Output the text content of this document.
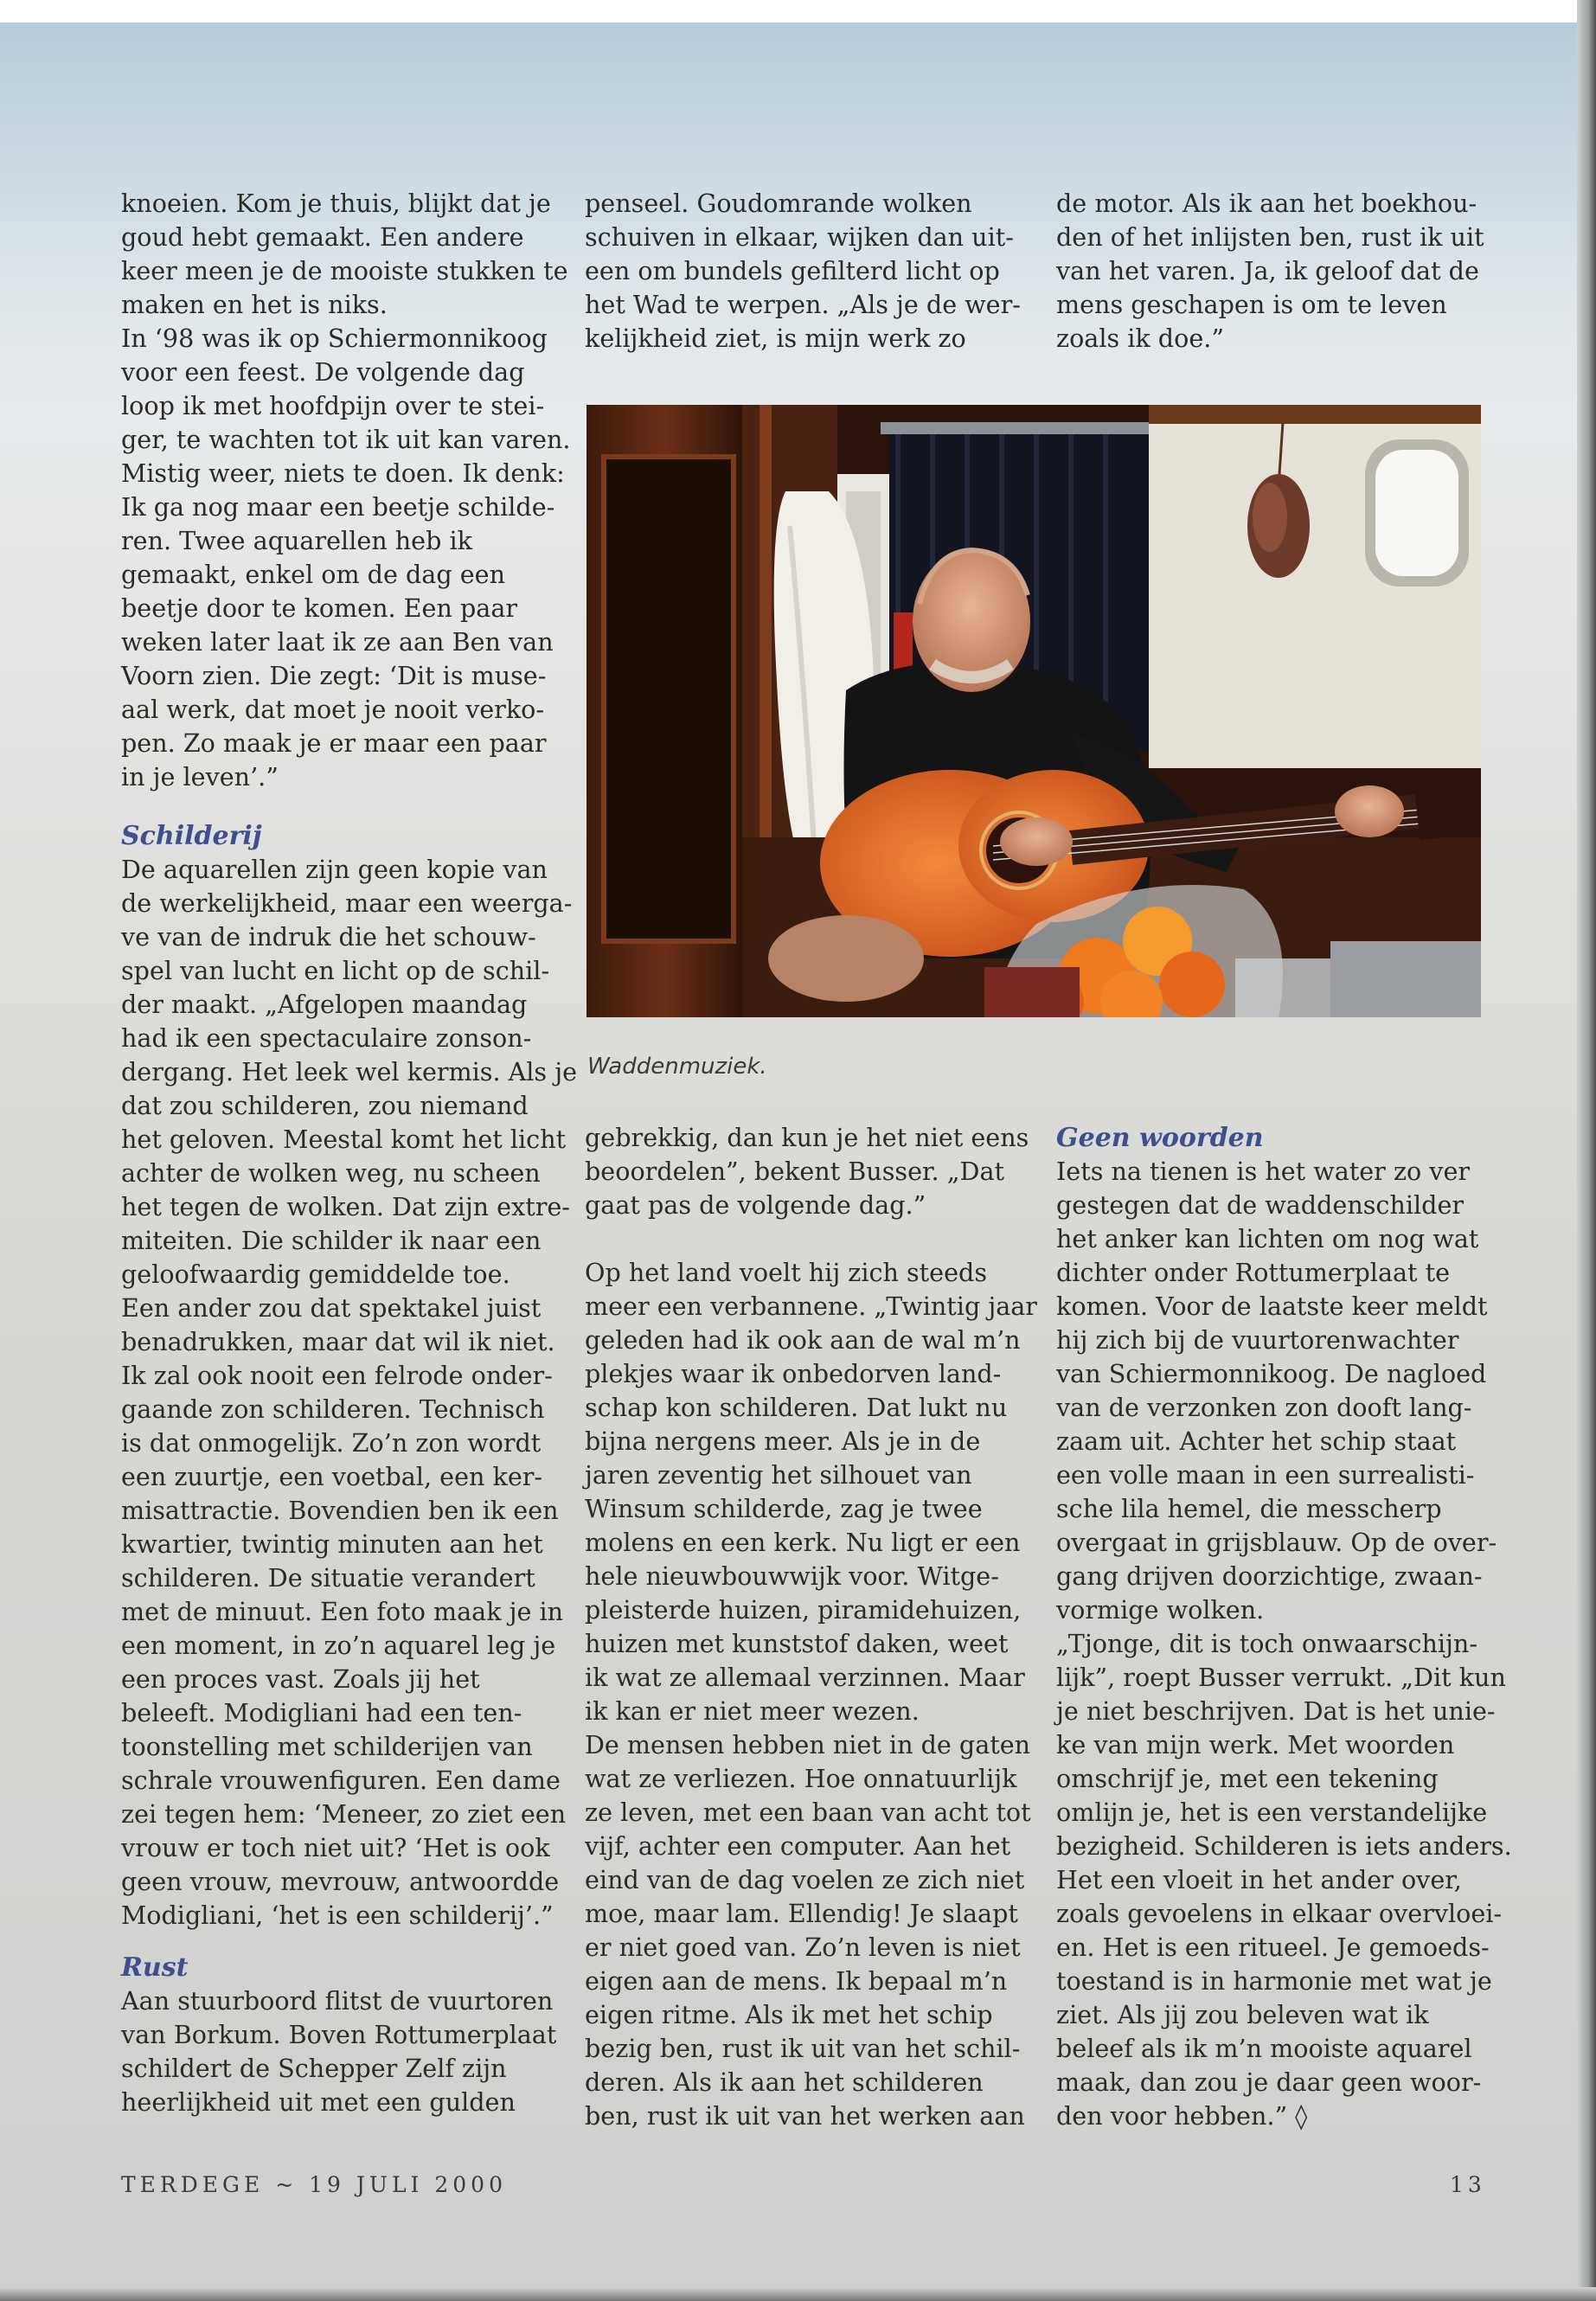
knoeien. Kom je thuis, blijkt dat je
goud hebt gemaakt. Een andere
keer meen je de mooiste stukken te
maken en het is niks.
In ‘98 was ik op Schiermonnikoog
voor een feest. De volgende dag
loop ik met hoofdpijn over te stei-
ger, te wachten tot ik uit kan varen.
Mistig weer, niets te doen. Ik denk:
Ik ga nog maar een beetje schilde-
ren. Twee aquarellen heb ik
gemaakt, enkel om de dag een
beetje door te komen. Een paar
weken later laat ik ze aan Ben van
Voorn zien. Die zegt: ‘Dit is muse-
aal werk, dat moet je nooit verko-
pen. Zo maak je er maar een paar
in je leven’.”

Schilderij

De aquarellen zijn geen kopie van
de werkelijkheid, maar een weerga-
ve van de indruk die het schouw-
spel van lucht en licht op de schil-
der maakt. „Afgelopen maandag
had ik een spectaculaire zonson-
dergang. Het leek wel kermis. Als je
dat zou schilderen, zou niemand
het geloven. Meestal komt het licht
achter de wolken weg, nu scheen
het tegen de wolken. Dat zijn extre-
miteiten. Die schilder ik naar een
geloofwaardig gemiddelde toe.
Een ander zou dat spektakel juist
benadrukken, maar dat wil ik niet.
Ik zal ook nooit een felrode onder-
gaande zon schilderen. Technisch
is dat onmogelijk. Zo’n zon wordt
een zuurtje, een voetbal, een ker-
misattractie. Bovendien ben ik een
kwartier, twintig minuten aan het
schilderen. De situatie verandert
met de minuut. Een foto maak je in
een moment, in zo’n aquarel leg je
een proces vast. Zoals jij het
beleeft. Modigliani had een ten-
toonstelling met schilderijen van
schrale vrouwenfiguren. Een dame
zei tegen hem: ‘Meneer, zo ziet een
vrouw er toch niet uit? ‘Het is ook
geen vrouw, mevrouw, antwoordde
Modigliani, ‘het is een schilderij’.”

Rust

Aan stuurboord flitst de vuurtoren
van Borkum. Boven Rottumerplaat
schildert de Schepper Zelf zijn
heerlijkheid uit met een gulden

penseel. Goudomrande wolken
schuiven in elkaar, wijken dan uit-
een om bundels gefilterd licht op
het Wad te werpen. „Als je de wer-
kelijkheid ziet, is mijn werk zo

Waddenmuziek.

gebrekkig, dan kun je het niet eens
beoordelen”, bekent Busser. „Dat
gaat pas de volgende dag.”

Op het land voelt hij zich steeds
meer een verbannene. „Twintig jaar
geleden had ik ook aan de wal m’n
plekjes waar ik onbedorven land-
schap kon schilderen. Dat lukt nu
bijna nergens meer. Als je in de
jaren zeventig het silhouet van
Winsum schilderde, zag je twee
molens en een kerk. Nu ligt er een
hele nieuwbouwwijk voor. Witge-
pleisterde huizen, piramidehuizen,
huizen met kunststof daken, weet
ik wat ze allemaal verzinnen. Maar
ik kan er niet meer wezen.
De mensen hebben niet in de gaten
wat ze verliezen. Hoe onnatuurlijk
ze leven, met een baan van acht tot
vijf, achter een computer. Aan het
eind van de dag voelen ze zich niet
moe, maar lam. Ellendig! Je slaapt
er niet goed van. Zo’n leven is niet
eigen aan de mens. Ik bepaal m’n
eigen ritme. Als ik met het schip
bezig ben, rust ik uit van het schil-
deren. Als ik aan het schilderen
ben, rust ik uit van het werken aan

de motor. Als ik aan het boekhou-
den of het inlijsten ben, rust ik uit
van het varen. Ja, ik geloof dat de
mens geschapen is om te leven
zoals ik doe.”

Geen woorden

Iets na tienen is het water zo ver
gestegen dat de waddenschilder
het anker kan lichten om nog wat
dichter onder Rottumerplaat te
komen. Voor de laatste keer meldt
hij zich bij de vuurtorenwachter
van Schiermonnikoog. De nagloed
van de verzonken zon dooft lang-
zaam uit. Achter het schip staat
een volle maan in een surrealisti-
sche lila hemel, die messcherp
overgaat in grijsblauw. Op de over-
gang drijven doorzichtige, zwaan-
vormige wolken.
„Tjonge, dit is toch onwaarschijn-
lijk”, roept Busser verrukt. „Dit kun
je niet beschrijven. Dat is het unie-
ke van mijn werk. Met woorden
omschrijf je, met een tekening
omlijn je, het is een verstandelijke
bezigheid. Schilderen is iets anders.
Het een vloeit in het ander over,
zoals gevoelens in elkaar overvloei-
en. Het is een ritueel. Je gemoeds-
toestand is in harmonie met wat je
ziet. Als jij zou beleven wat ik
beleef als ik m’n mooiste aquarel
maak, dan zou je daar geen woor-
den voor hebben.” ◊

TERDEGE ~ 19 JULI 2000	13
